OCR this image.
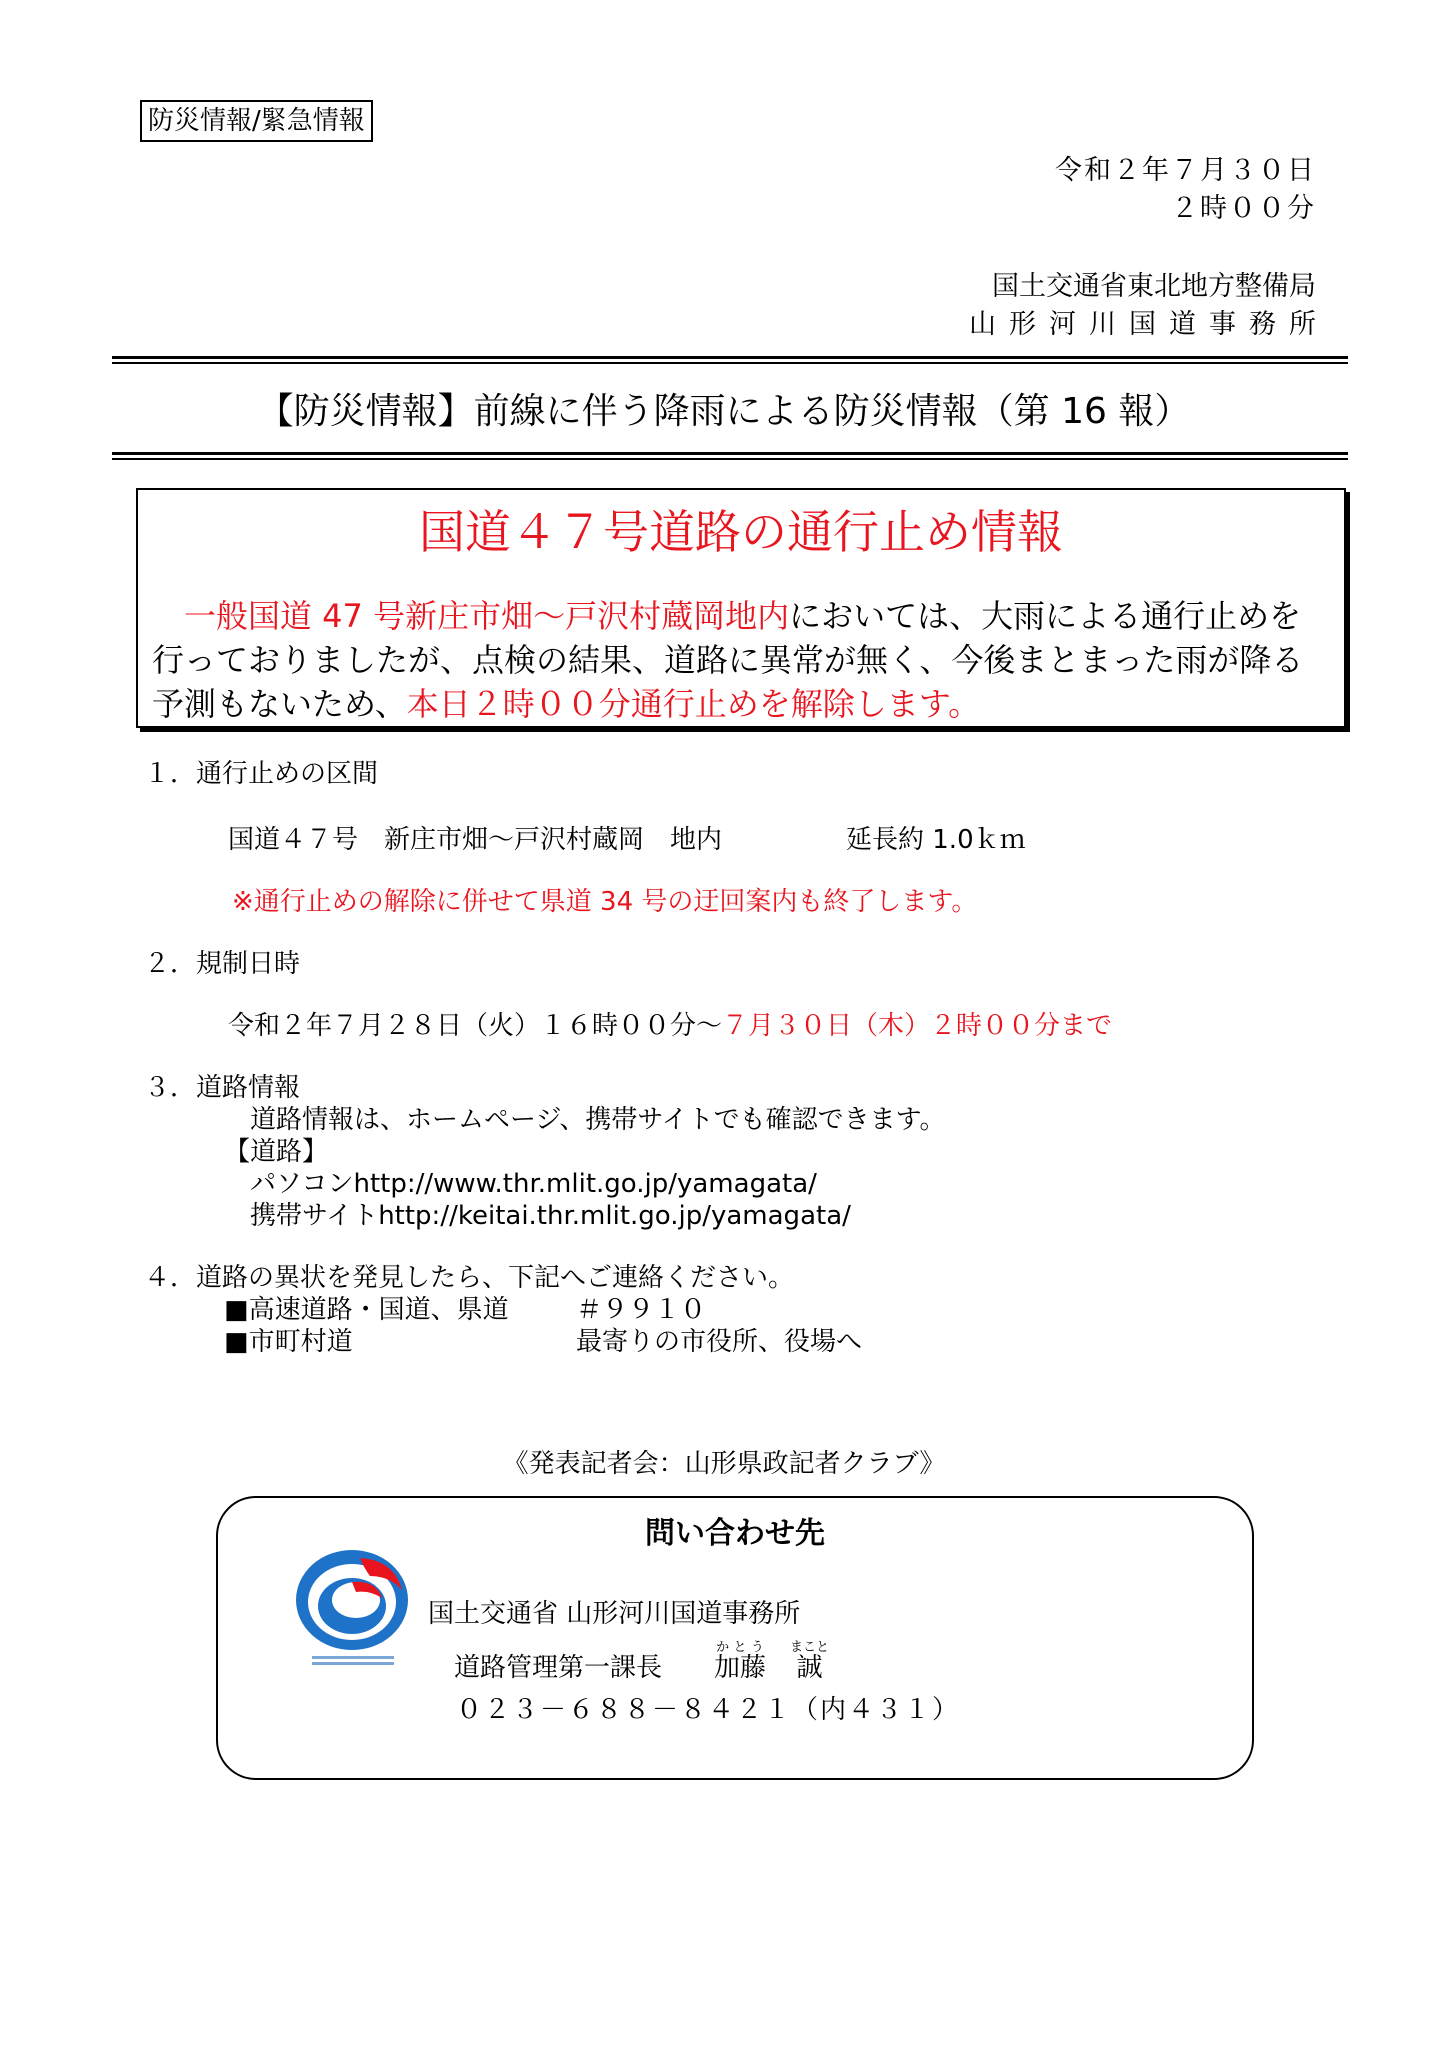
防災情報/緊急情報
令和２年７月３０日
２時００分
国土交通省東北地方整備局
山形河川国道事務所
【防災情報】前線に伴う降雨による防災情報（第 16 報）
国道４７号道路の通行止め情報
一般国道 47 号新庄市畑～戸沢村蔵岡地内においては、大雨による通行止めを行っておりましたが、点検の結果、道路に異常が無く、今後まとまった雨が降る予測もないため、本日２時００分通行止めを解除します。
１．通行止めの区間
国道４７号　新庄市畑～戸沢村蔵岡　地内	延長約 1.0ｋｍ
※通行止めの解除に併せて県道 34 号の迂回案内も終了します。
２．規制日時
令和２年７月２８日（火）１６時００分～７月３０日（木）２時００分まで
３．道路情報
道路情報は、ホームページ、携帯サイトでも確認できます。
【道路】
パソコンhttp://www.thr.mlit.go.jp/yamagata/
携帯サイトhttp://keitai.thr.mlit.go.jp/yamagata/
４．道路の異状を発見したら、下記へご連絡ください。
■高速道路・国道、県道	＃９９１０
■市町村道	最寄りの市役所、役場へ
《発表記者会：山形県政記者クラブ》
問い合わせ先
国土交通省 山形河川国道事務所
道路管理第一課長 加藤かとう誠まこと
０２３－６８８－８４２１（内４３１）
